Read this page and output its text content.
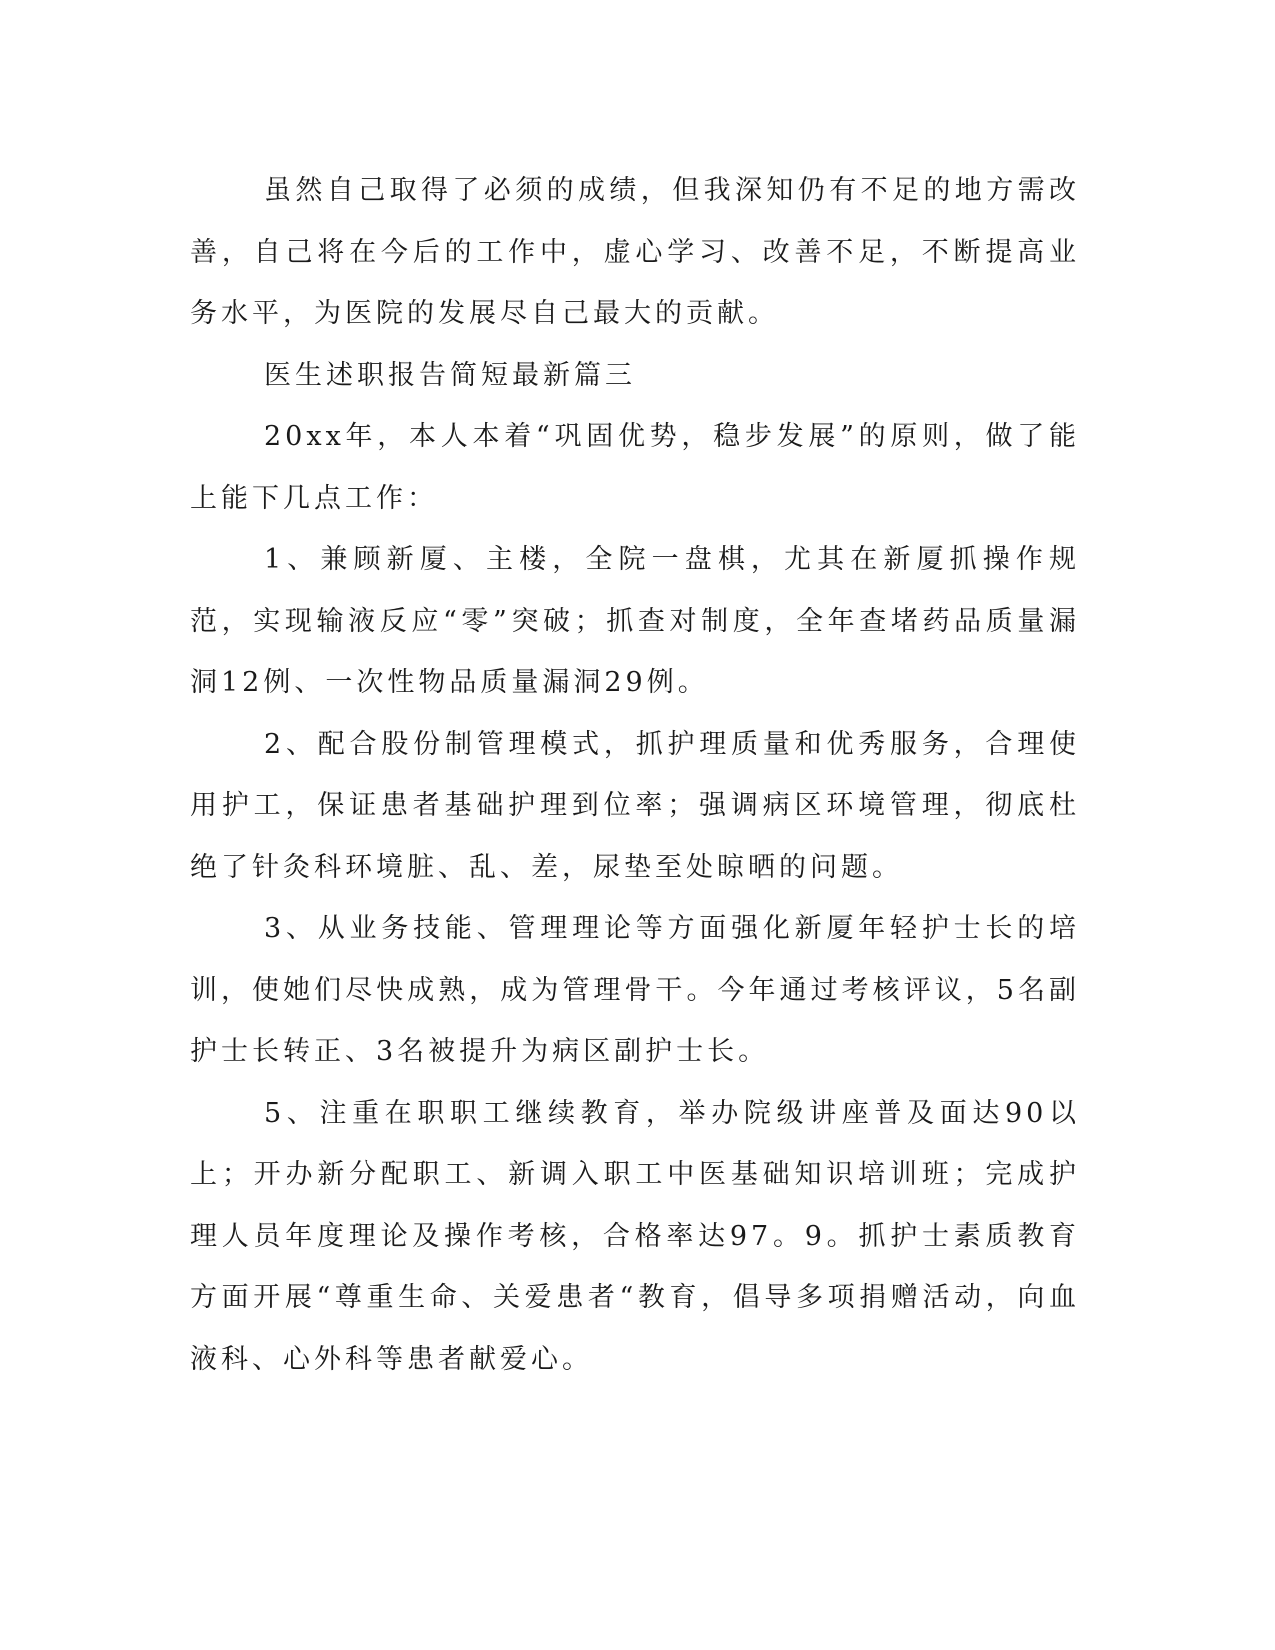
虽然自己取得了必须的成绩，但我深知仍有不足的地方需改善，自己将在今后的工作中，虚心学习、改善不足，不断提高业务水平，为医院的发展尽自己最大的贡献。

医生述职报告简短最新篇三

20xx年，本人本着“巩固优势，稳步发展”的原则，做了能上能下几点工作：

1、兼顾新厦、主楼，全院一盘棋，尤其在新厦抓操作规范，实现输液反应“零”突破；抓查对制度，全年查堵药品质量漏洞12例、一次性物品质量漏洞29例。

2、配合股份制管理模式，抓护理质量和优秀服务，合理使用护工，保证患者基础护理到位率；强调病区环境管理，彻底杜绝了针灸科环境脏、乱、差，尿垫至处晾晒的问题。

3、从业务技能、管理理论等方面强化新厦年轻护士长的培训，使她们尽快成熟，成为管理骨干。今年通过考核评议，5名副护士长转正、3名被提升为病区副护士长。

5、注重在职职工继续教育，举办院级讲座普及面达90以上；开办新分配职工、新调入职工中医基础知识培训班；完成护理人员年度理论及操作考核，合格率达97。9。抓护士素质教育方面开展“尊重生命、关爱患者“教育，倡导多项捐赠活动，向血液科、心外科等患者献爱心。
